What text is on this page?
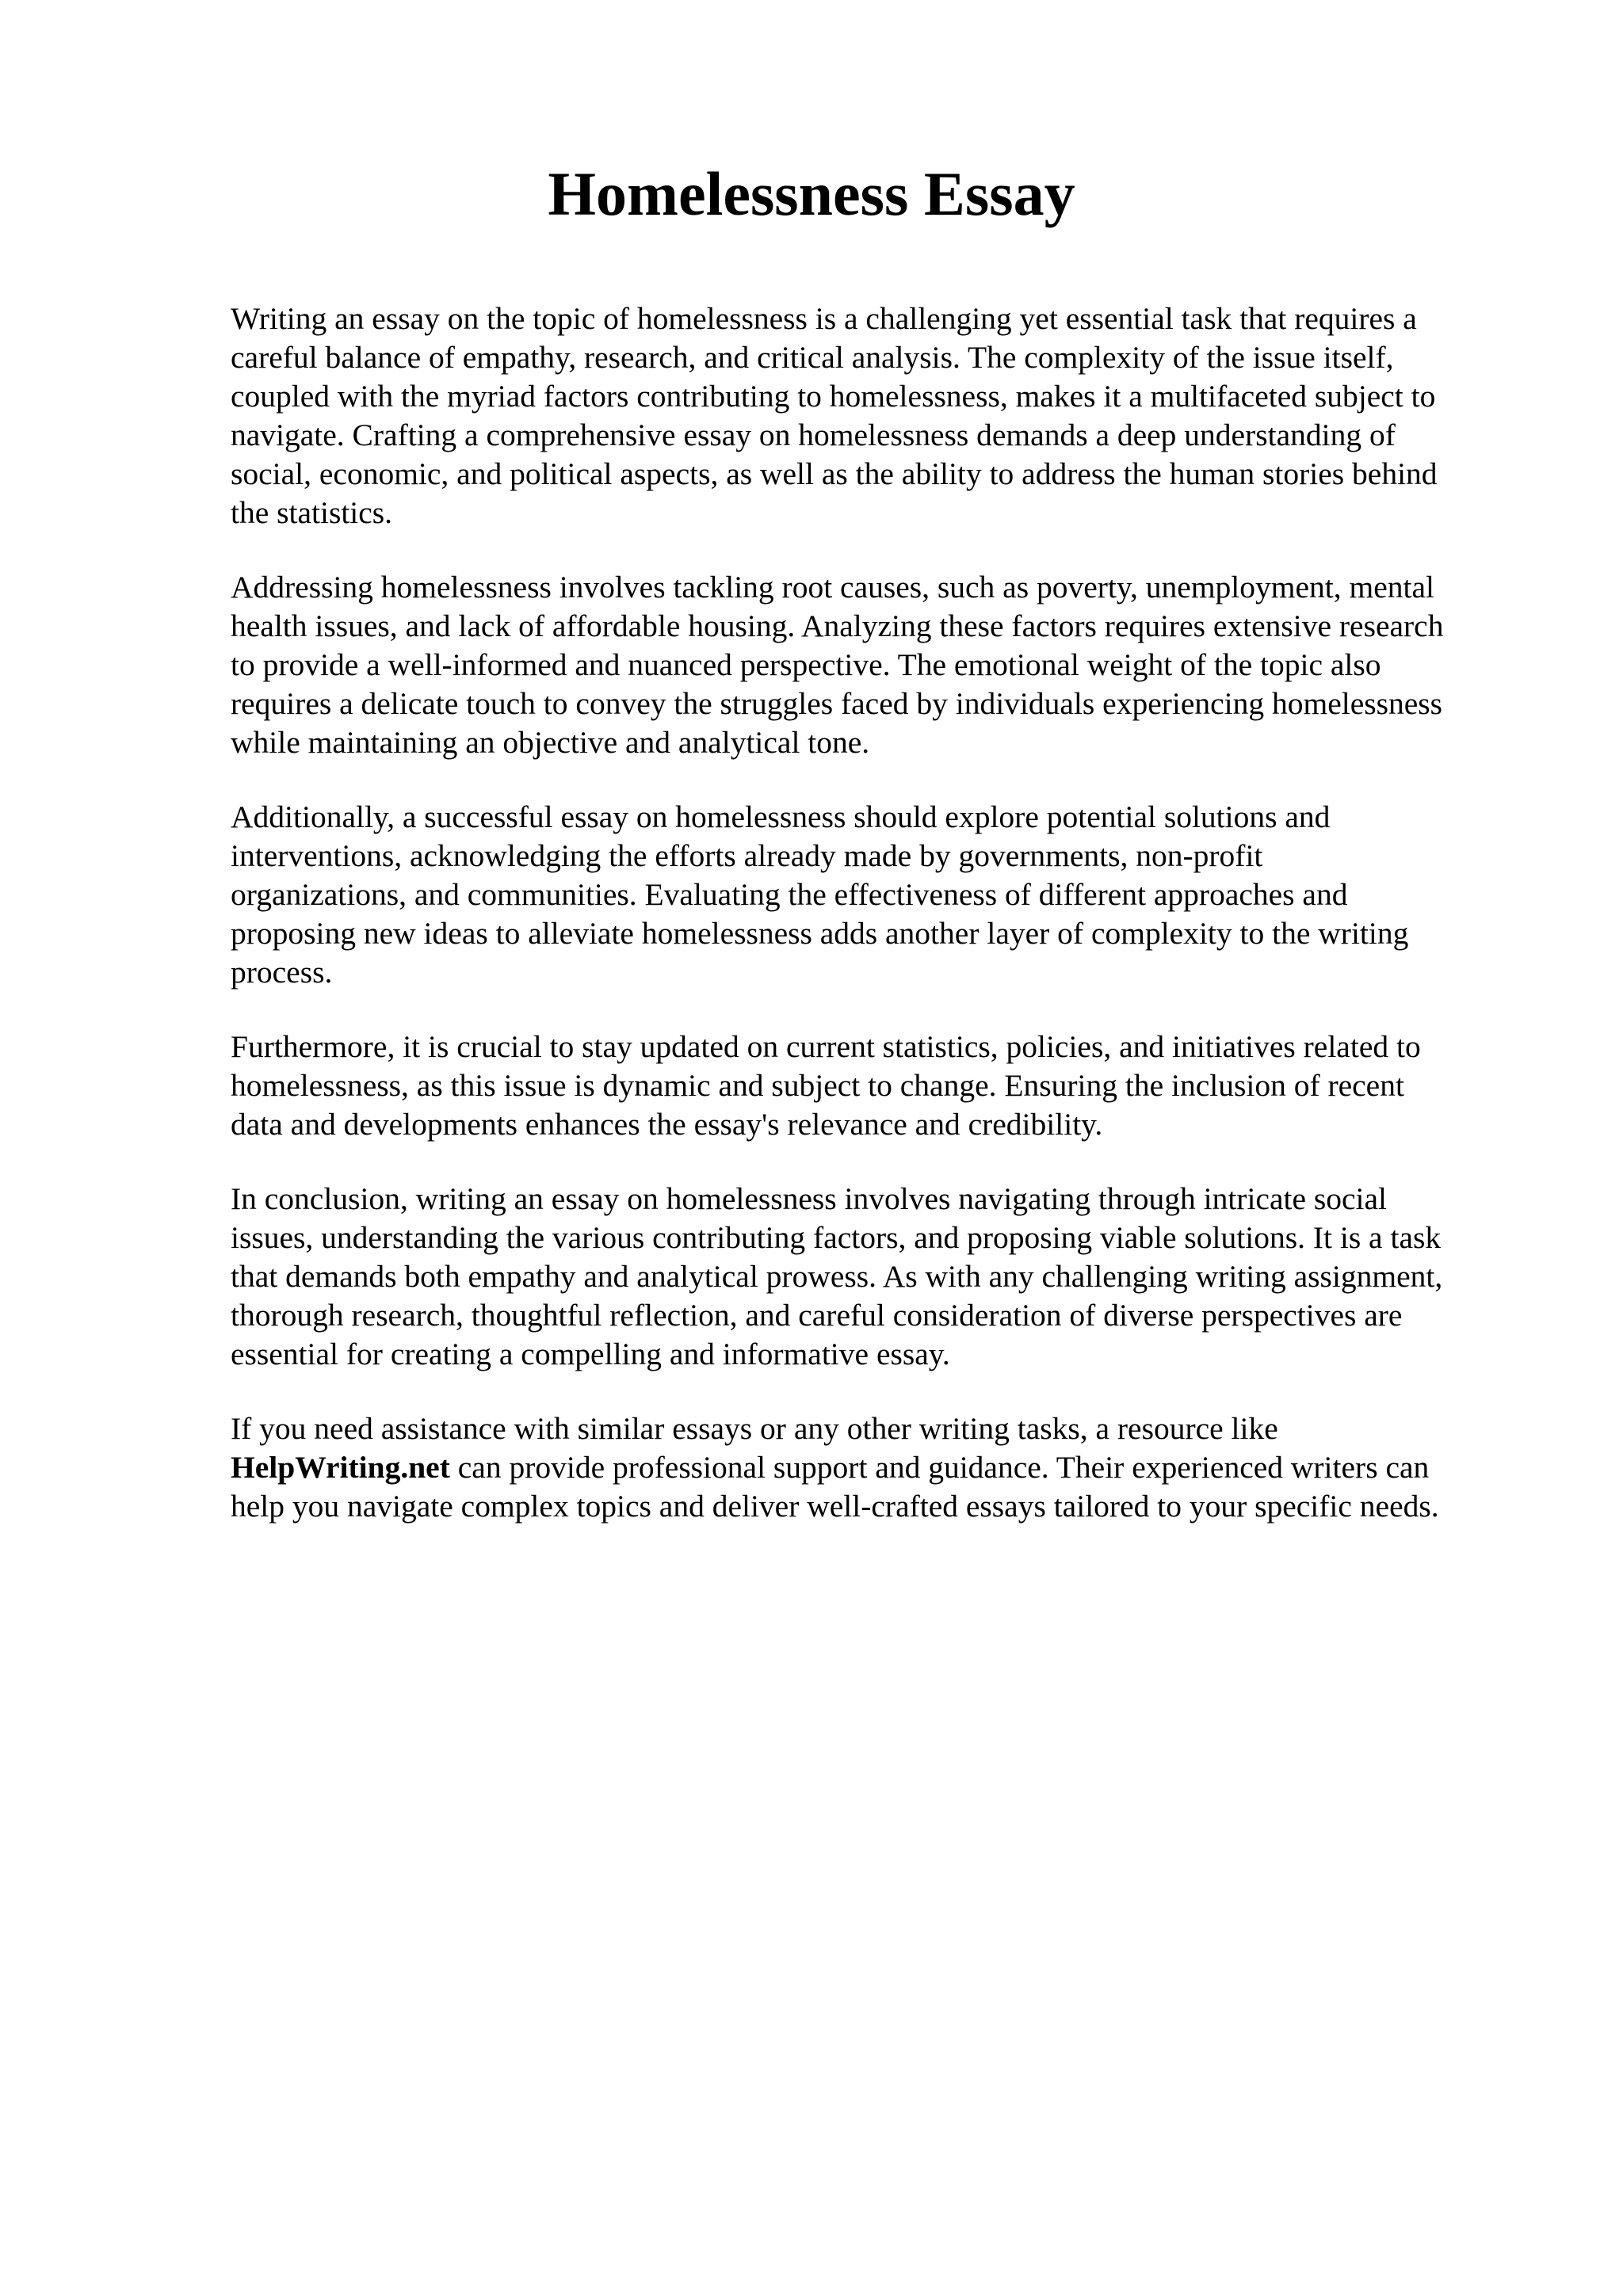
Homelessness Essay

Writing an essay on the topic of homelessness is a challenging yet essential task that requires a
careful balance of empathy, research, and critical analysis. The complexity of the issue itself,
coupled with the myriad factors contributing to homelessness, makes it a multifaceted subject to
navigate. Crafting a comprehensive essay on homelessness demands a deep understanding of
social, economic, and political aspects, as well as the ability to address the human stories behind
the statistics.

Addressing homelessness involves tackling root causes, such as poverty, unemployment, mental
health issues, and lack of affordable housing. Analyzing these factors requires extensive research
to provide a well-informed and nuanced perspective. The emotional weight of the topic also
requires a delicate touch to convey the struggles faced by individuals experiencing homelessness
while maintaining an objective and analytical tone.

Additionally, a successful essay on homelessness should explore potential solutions and
interventions, acknowledging the efforts already made by governments, non-profit
organizations, and communities. Evaluating the effectiveness of different approaches and
proposing new ideas to alleviate homelessness adds another layer of complexity to the writing
process.

Furthermore, it is crucial to stay updated on current statistics, policies, and initiatives related to
homelessness, as this issue is dynamic and subject to change. Ensuring the inclusion of recent
data and developments enhances the essay's relevance and credibility.

In conclusion, writing an essay on homelessness involves navigating through intricate social
issues, understanding the various contributing factors, and proposing viable solutions. It is a task
that demands both empathy and analytical prowess. As with any challenging writing assignment,
thorough research, thoughtful reflection, and careful consideration of diverse perspectives are
essential for creating a compelling and informative essay.

If you need assistance with similar essays or any other writing tasks, a resource like
HelpWriting.net can provide professional support and guidance. Their experienced writers can
help you navigate complex topics and deliver well-crafted essays tailored to your specific needs.
